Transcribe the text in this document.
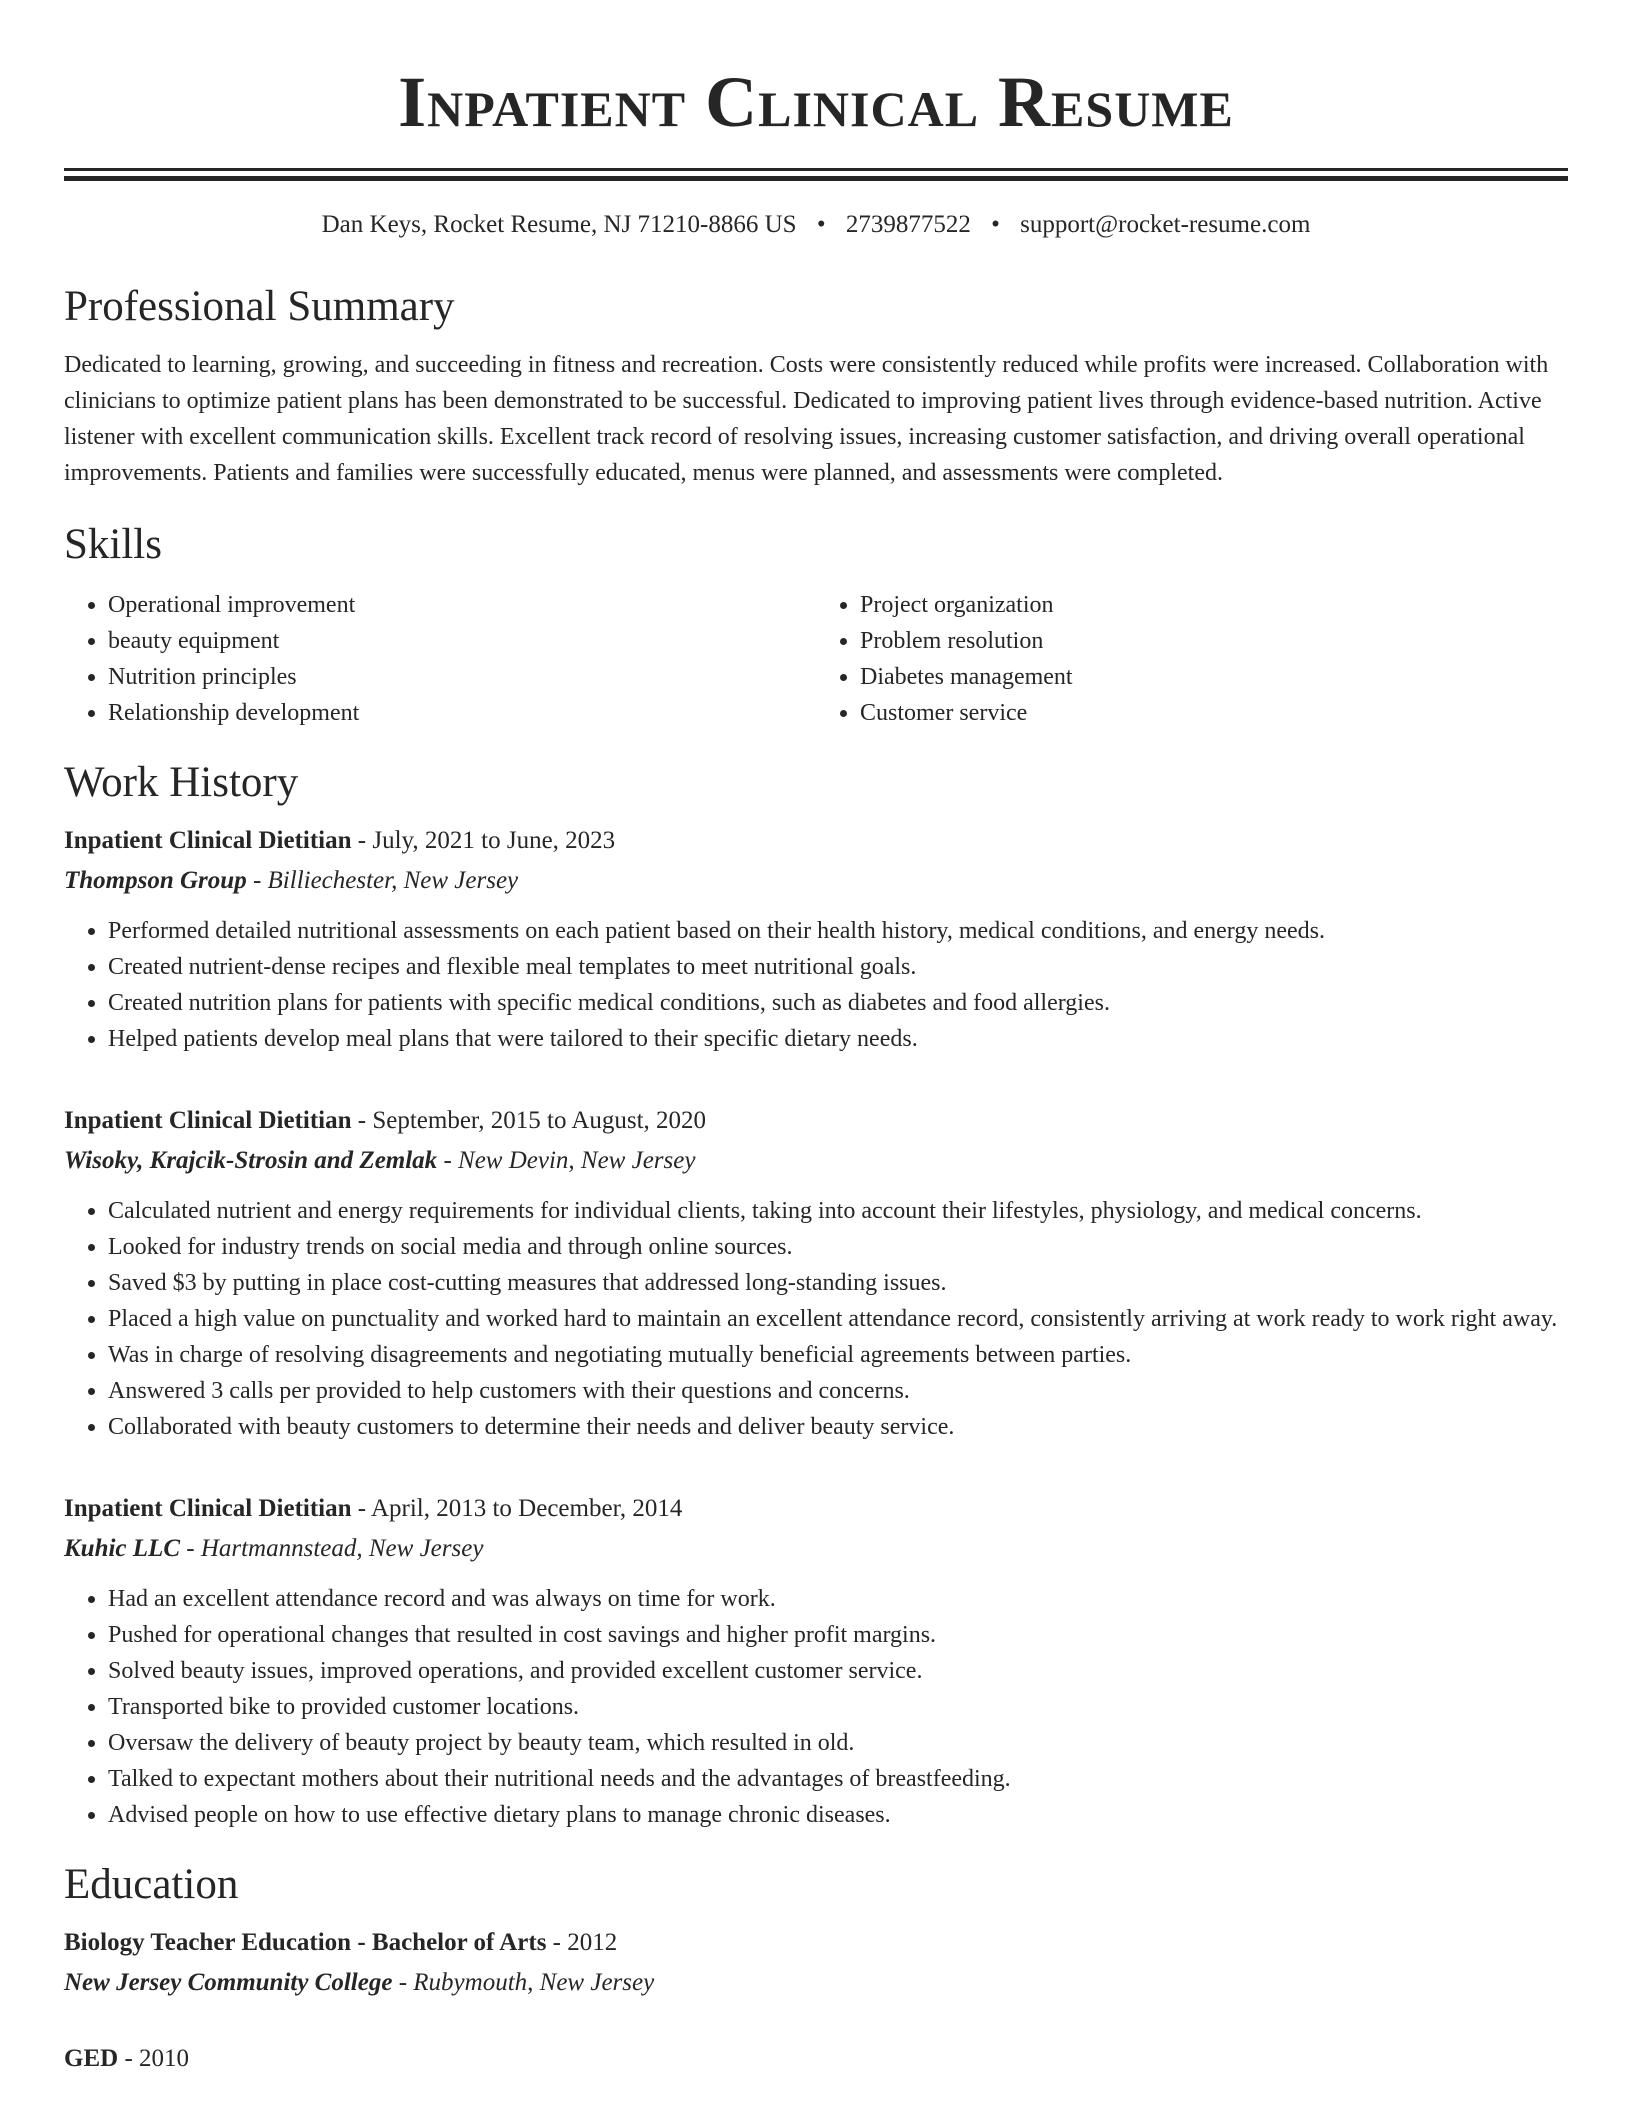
Inpatient Clinical Resume
Dan Keys, Rocket Resume, NJ 71210-8866 US • 2739877522 • support@rocket-resume.com
Professional Summary

Dedicated to learning, growing, and succeeding in fitness and recreation. Costs were consistently reduced while profits were increased. Collaboration with clinicians to optimize patient plans has been demonstrated to be successful. Dedicated to improving patient lives through evidence-based nutrition. Active listener with excellent communication skills. Excellent track record of resolving issues, increasing customer satisfaction, and driving overall operational improvements. Patients and families were successfully educated, menus were planned, and assessments were completed.

Skills
• Operational improvement
• beauty equipment
• Nutrition principles
• Relationship development
• Project organization
• Problem resolution
• Diabetes management
• Customer service
Work History
Inpatient Clinical Dietitian - July, 2021 to June, 2023
Thompson Group - Billiechester, New Jersey
• Performed detailed nutritional assessments on each patient based on their health history, medical conditions, and energy needs.
• Created nutrient-dense recipes and flexible meal templates to meet nutritional goals.
• Created nutrition plans for patients with specific medical conditions, such as diabetes and food allergies.
• Helped patients develop meal plans that were tailored to their specific dietary needs.
Inpatient Clinical Dietitian - September, 2015 to August, 2020
Wisoky, Krajcik-Strosin and Zemlak - New Devin, New Jersey
• Calculated nutrient and energy requirements for individual clients, taking into account their lifestyles, physiology, and medical concerns.
• Looked for industry trends on social media and through online sources.
• Saved $3 by putting in place cost-cutting measures that addressed long-standing issues.
• Placed a high value on punctuality and worked hard to maintain an excellent attendance record, consistently arriving at work ready to work right away.
• Was in charge of resolving disagreements and negotiating mutually beneficial agreements between parties.
• Answered 3 calls per provided to help customers with their questions and concerns.
• Collaborated with beauty customers to determine their needs and deliver beauty service.
Inpatient Clinical Dietitian - April, 2013 to December, 2014
Kuhic LLC - Hartmannstead, New Jersey
• Had an excellent attendance record and was always on time for work.
• Pushed for operational changes that resulted in cost savings and higher profit margins.
• Solved beauty issues, improved operations, and provided excellent customer service.
• Transported bike to provided customer locations.
• Oversaw the delivery of beauty project by beauty team, which resulted in old.
• Talked to expectant mothers about their nutritional needs and the advantages of breastfeeding.
• Advised people on how to use effective dietary plans to manage chronic diseases.
Education
Biology Teacher Education - Bachelor of Arts - 2012
New Jersey Community College - Rubymouth, New Jersey
GED - 2010
